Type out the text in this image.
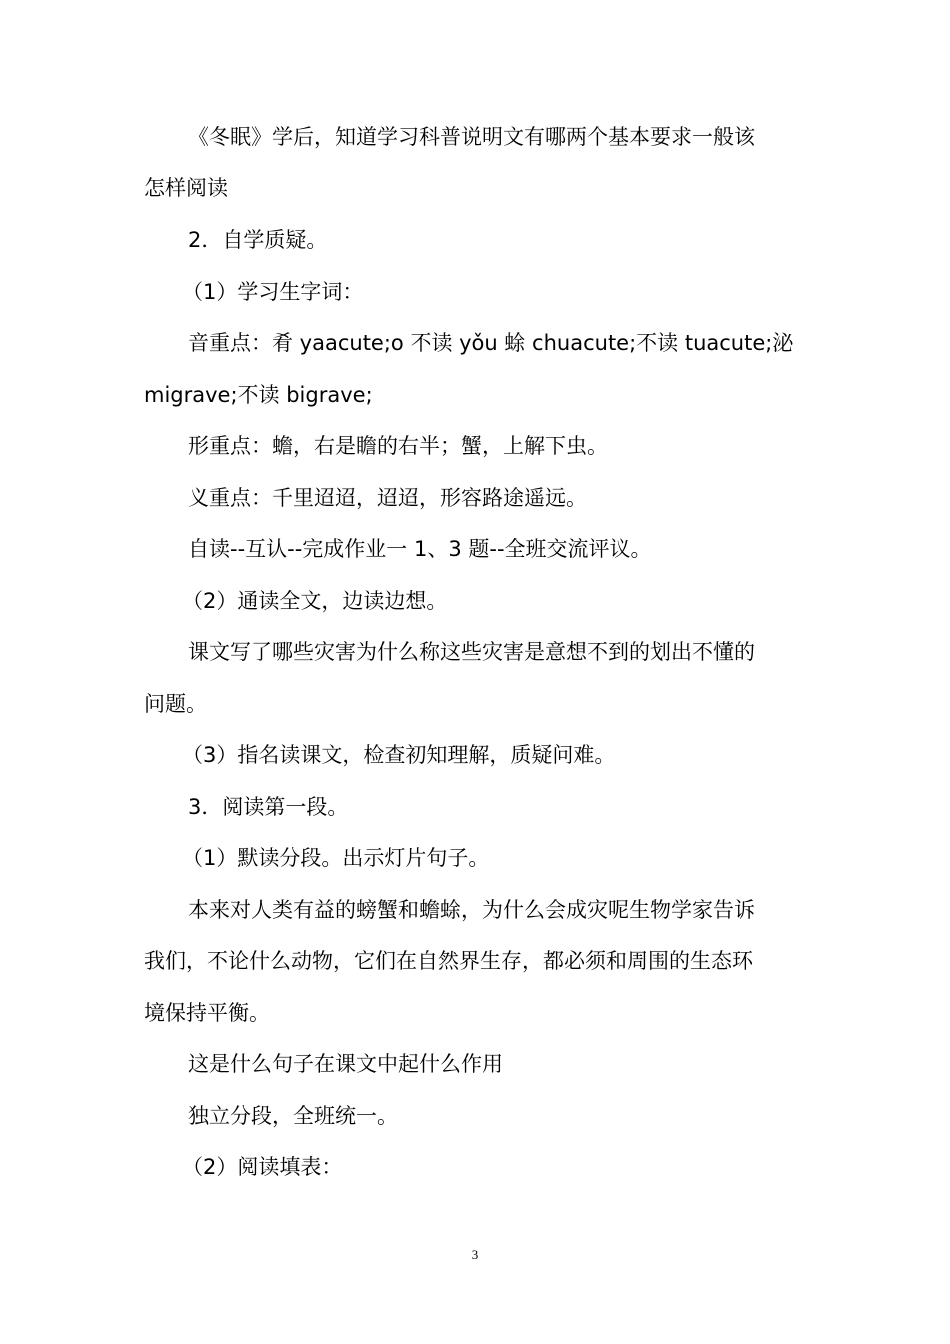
《冬眠》学后，知道学习科普说明文有哪两个基本要求一般该
怎样阅读
2．自学质疑。
（1）学习生字词：
音重点：肴 yaacute;o 不读 yǒu 蜍 chuacute;不读 tuacute;泌
migrave;不读 bigrave;
形重点：蟾，右是瞻的右半；蟹，上解下虫。
义重点：千里迢迢，迢迢，形容路途遥远。
自读--互认--完成作业一 1、3 题--全班交流评议。
（2）通读全文，边读边想。
课文写了哪些灾害为什么称这些灾害是意想不到的划出不懂的
问题。
（3）指名读课文，检查初知理解，质疑问难。
3．阅读第一段。
（1）默读分段。出示灯片句子。
本来对人类有益的螃蟹和蟾蜍，为什么会成灾呢生物学家告诉
我们，不论什么动物，它们在自然界生存，都必须和周围的生态环
境保持平衡。
这是什么句子在课文中起什么作用
独立分段，全班统一。
（2）阅读填表：
3
